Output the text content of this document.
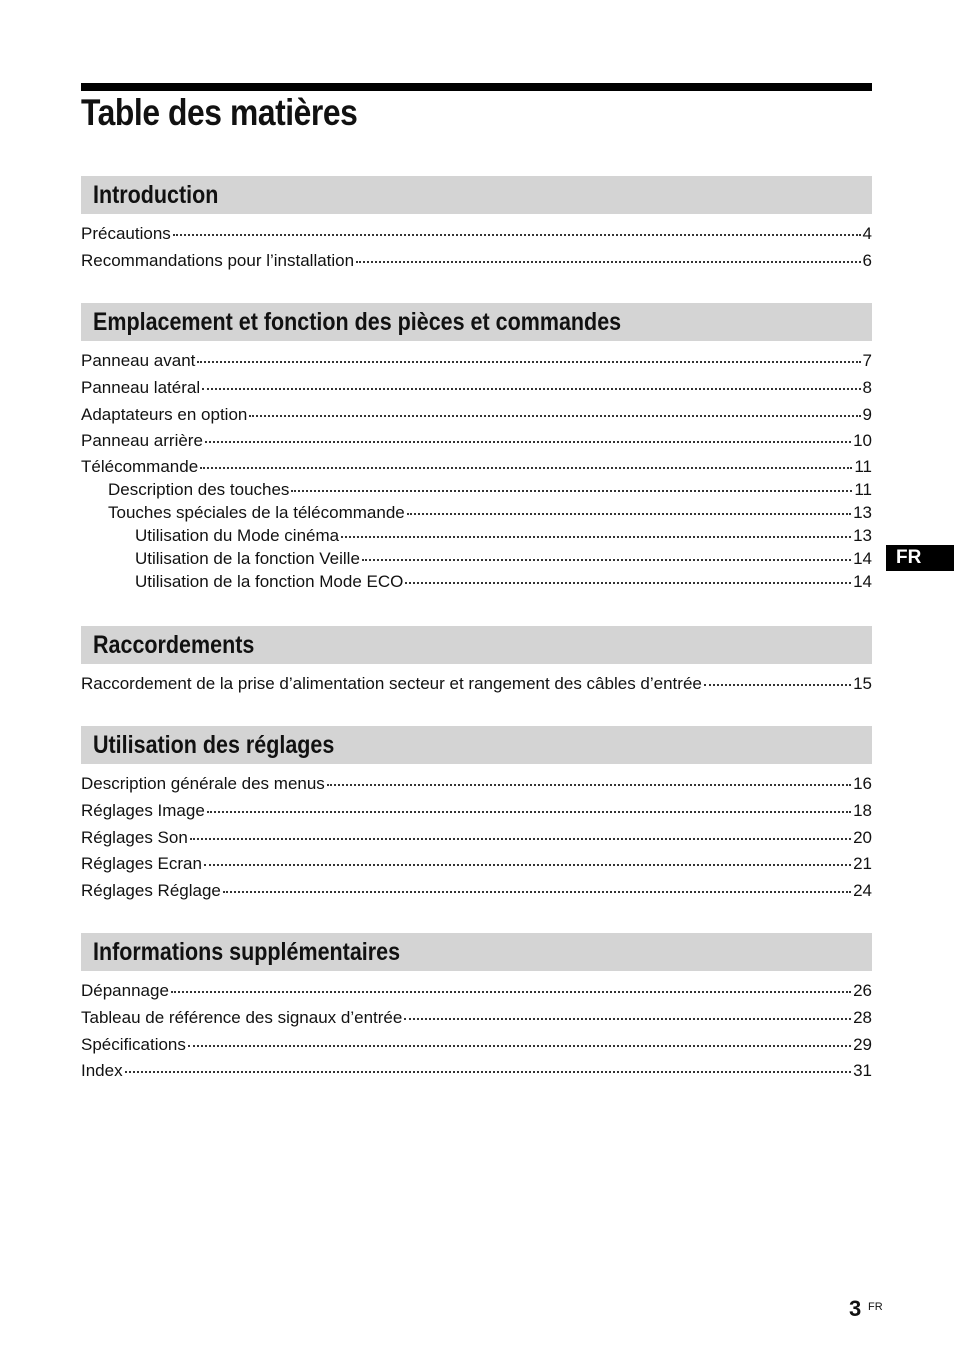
Table des matières
Introduction
Précautions	4
Recommandations pour l’installation	6
Emplacement et fonction des pièces et commandes
Panneau avant	7
Panneau latéral	8
Adaptateurs en option	9
Panneau arrière	10
Télécommande	11
Description des touches	11
Touches spéciales de la télécommande	13
Utilisation du Mode cinéma	13
Utilisation de la fonction Veille	14
Utilisation de la fonction Mode ECO	14
Raccordements
Raccordement de la prise d’alimentation secteur et rangement des câbles d’entrée	15
Utilisation des réglages
Description générale des menus	16
Réglages Image	18
Réglages Son	20
Réglages Ecran	21
Réglages Réglage	24
Informations supplémentaires
Dépannage	26
Tableau de référence des signaux d’entrée	28
Spécifications	29
Index	31
FR
3 FR
